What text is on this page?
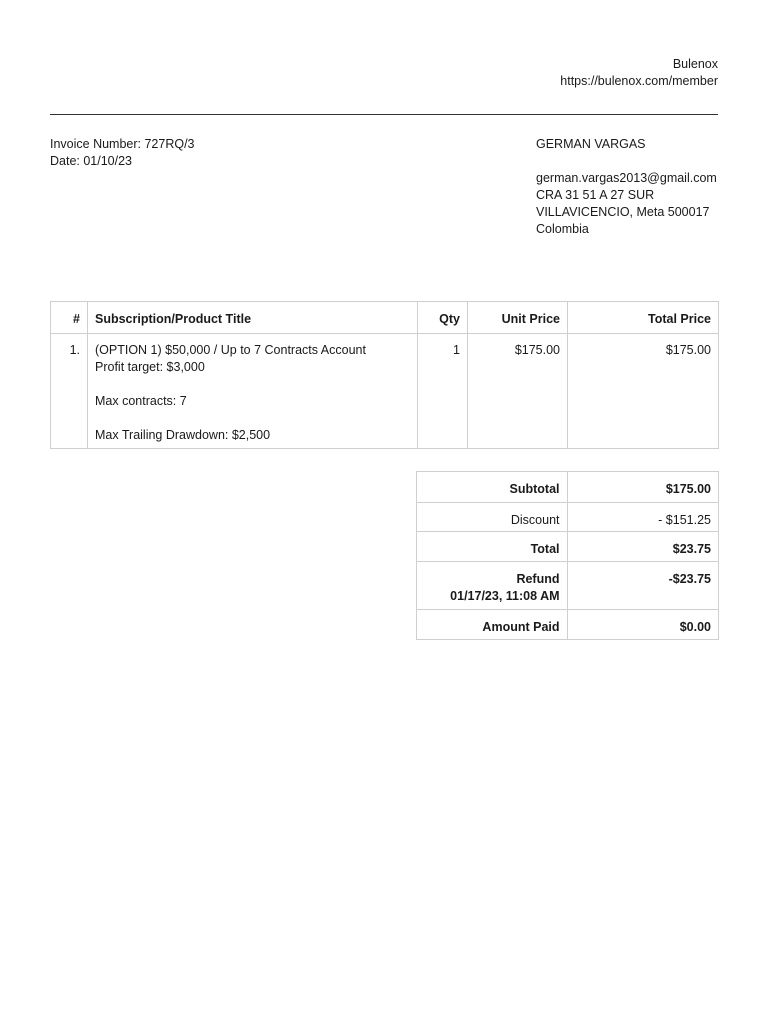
Bulenox
https://bulenox.com/member
Invoice Number: 727RQ/3
Date: 01/10/23
GERMAN VARGAS
german.vargas2013@gmail.com
CRA 31 51 A 27 SUR
VILLAVICENCIO, Meta 500017
Colombia
#	Subscription/Product Title	Qty	Unit Price	Total Price
1.	(OPTION 1) $50,000 / Up to 7 Contracts Account
Profit target: $3,000
Max contracts: 7
Max Trailing Drawdown: $2,500	1	$175.00	$175.00
Subtotal	$175.00
Discount	- $151.25
Total	$23.75

Refund
01/17/23, 11:08 AM	-$23.75
Amount Paid	$0.00
